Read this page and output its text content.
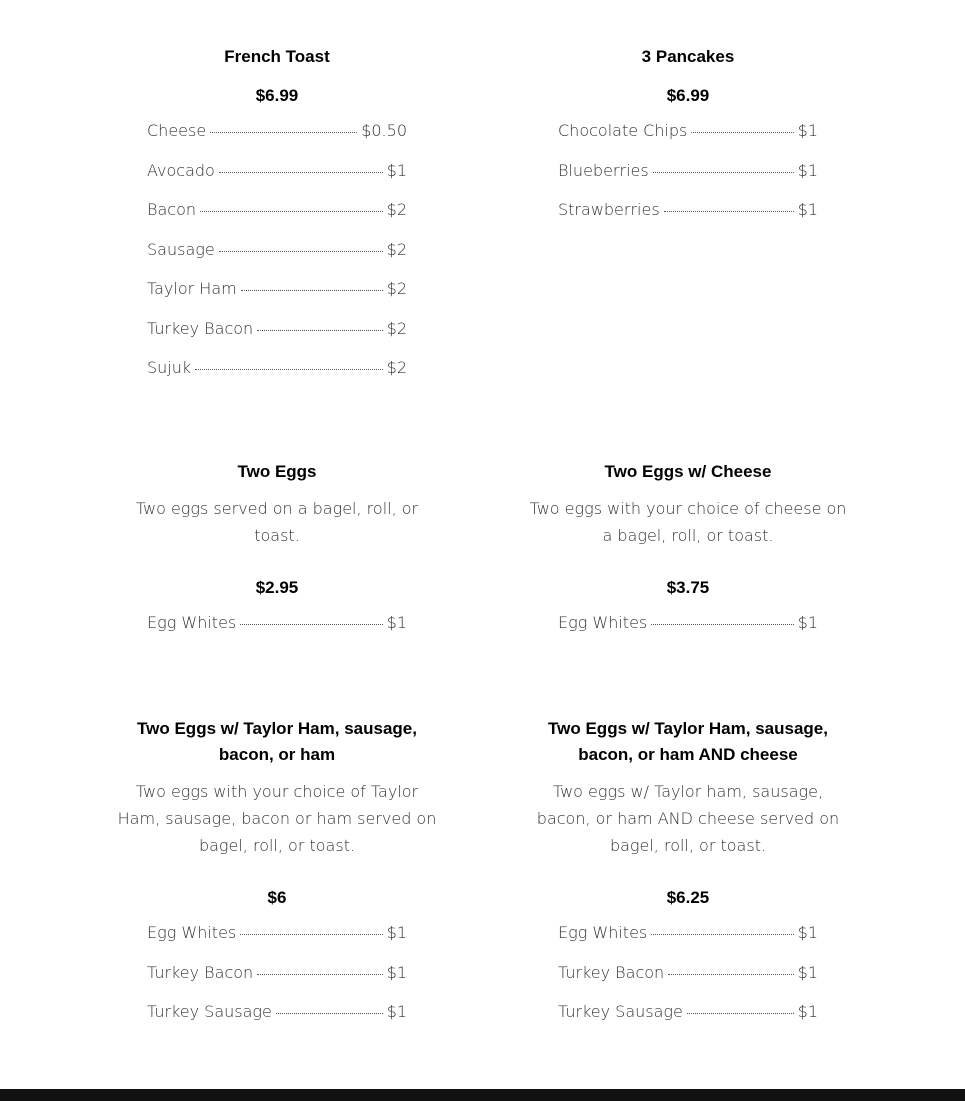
French Toast
$6.99
Cheese	$0.50
Avocado	$1
Bacon	$2
Sausage	$2
Taylor Ham	$2
Turkey Bacon	$2
Sujuk	$2
3 Pancakes
$6.99
Chocolate Chips	$1
Blueberries	$1
Strawberries	$1
Two Eggs

Two eggs served on a bagel, roll, or toast.

$2.95
Egg Whites	$1
Two Eggs w/ Cheese

Two eggs with your choice of cheese on a bagel, roll, or toast.

$3.75
Egg Whites	$1
Two Eggs w/ Taylor Ham, sausage, bacon, or ham

Two eggs with your choice of Taylor Ham, sausage, bacon or ham served on bagel, roll, or toast.

$6
Egg Whites	$1
Turkey Bacon	$1
Turkey Sausage	$1
Two Eggs w/ Taylor Ham, sausage, bacon, or ham AND cheese

Two eggs w/ Taylor ham, sausage, bacon, or ham AND cheese served on bagel, roll, or toast.

$6.25
Egg Whites	$1
Turkey Bacon	$1
Turkey Sausage	$1
